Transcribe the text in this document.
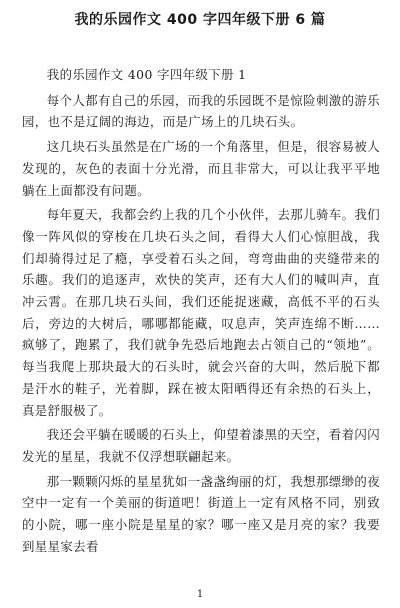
我的乐园作文 400 字四年级下册 6 篇

我的乐园作文 400 字四年级下册 1

每个人都有自己的乐园，而我的乐园既不是惊险刺激的游乐园，也不是辽阔的海边，而是广场上的几块石头。

这几块石头虽然是在广场的一个角落里，但是，很容易被人发现的，灰色的表面十分光滑，而且非常大，可以让我平平地躺在上面都没有问题。

每年夏天，我都会约上我的几个小伙伴，去那儿骑车。我们像一阵风似的穿梭在几块石头之间，看得大人们心惊胆战，我们却骑得过足了瘾，享受着石头之间，弯弯曲曲的夹缝带来的乐趣。我们的追逐声，欢快的笑声，还有大人们的喊叫声，直冲云霄。在那几块石头间，我们还能捉迷藏，高低不平的石头后，旁边的大树后，哪哪都能藏，叹息声，笑声连绵不断……疯够了，跑累了，我们就争先恐后地跑去占领自己的“领地”。每当我爬上那块最大的石头时，就会兴奋的大叫，然后脱下都是汗水的鞋子，光着脚，踩在被太阳晒得还有余热的石头上，真是舒服极了。

我还会平躺在暖暖的石头上，仰望着漆黑的天空，看着闪闪发光的星星，我就不仅浮想联翩起来。

那一颗颗闪烁的星星犹如一盏盏绚丽的灯，我想那缥缈的夜空中一定有一个美丽的街道吧！街道上一定有风格不同，别致的小院，哪一座小院是星星的家？哪一座又是月亮的家？我要到星星家去看

1
